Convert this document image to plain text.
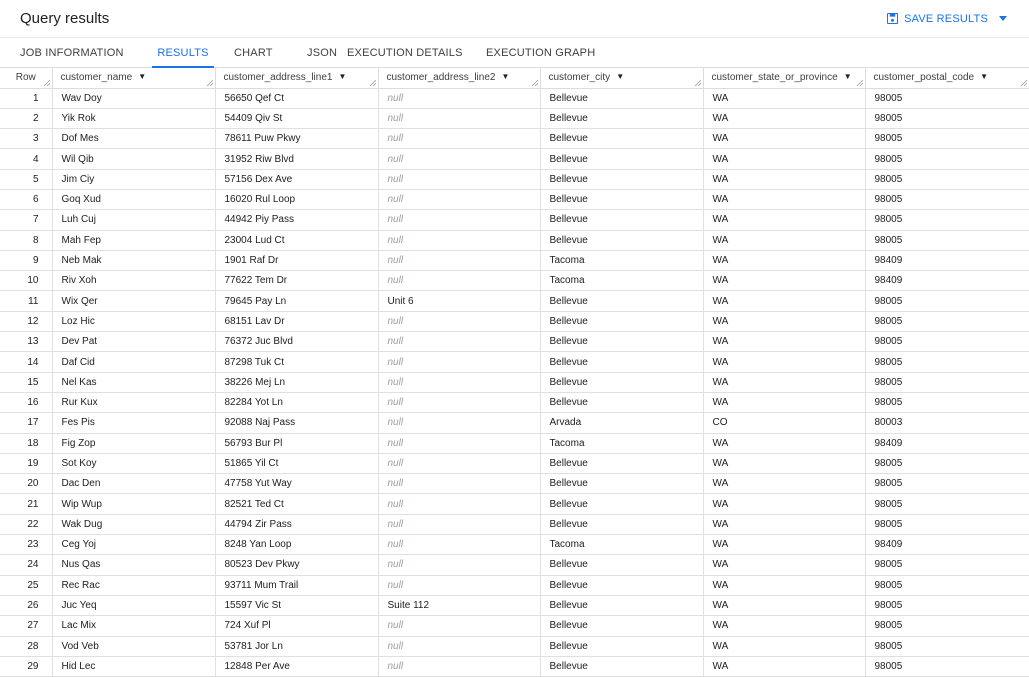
Query results	SAVE RESULTS
JOB INFORMATION	RESULTS	CHART	JSON EXECUTION DETAILS	EXECUTION GRAPH
Row	customer_name ▼	customer_address_line1 ▼	customer_address_line2 ▼	customer_city ▼	customer_state_or_province ▼	customer_postal_code ▼

1	Wav Doy	56650 Qef Ct	null	Bellevue	WA	98005
2	Yik Rok	54409 Qiv St	null	Bellevue	WA	98005
3	Dof Mes	78611 Puw Pkwy	null	Bellevue	WA	98005
4	Wil Qib	31952 Riw Blvd	null	Bellevue	WA	98005
5	Jim Ciy	57156 Dex Ave	null	Bellevue	WA	98005
6	Goq Xud	16020 Rul Loop	null	Bellevue	WA	98005
7	Luh Cuj	44942 Piy Pass	null	Bellevue	WA	98005
8	Mah Fep	23004 Lud Ct	null	Bellevue	WA	98005
9	Neb Mak	1901 Raf Dr	null	Tacoma	WA	98409
10	Riv Xoh	77622 Tem Dr	null	Tacoma	WA	98409
11	Wix Qer	79645 Pay Ln	Unit 6	Bellevue	WA	98005
12	Loz Hic	68151 Lav Dr	null	Bellevue	WA	98005
13	Dev Pat	76372 Juc Blvd	null	Bellevue	WA	98005
14	Daf Cid	87298 Tuk Ct	null	Bellevue	WA	98005
15	Nel Kas	38226 Mej Ln	null	Bellevue	WA	98005
16	Rur Kux	82284 Yot Ln	null	Bellevue	WA	98005
17	Fes Pis	92088 Naj Pass	null	Arvada	CO	80003
18	Fig Zop	56793 Bur Pl	null	Tacoma	WA	98409
19	Sot Koy	51865 Yil Ct	null	Bellevue	WA	98005
20	Dac Den	47758 Yut Way	null	Bellevue	WA	98005
21	Wip Wup	82521 Ted Ct	null	Bellevue	WA	98005
22	Wak Dug	44794 Zir Pass	null	Bellevue	WA	98005
23	Ceg Yoj	8248 Yan Loop	null	Tacoma	WA	98409
24	Nus Qas	80523 Dev Pkwy	null	Bellevue	WA	98005
25	Rec Rac	93711 Mum Trail	null	Bellevue	WA	98005
26	Juc Yeq	15597 Vic St	Suite 112	Bellevue	WA	98005
27	Lac Mix	724 Xuf Pl	null	Bellevue	WA	98005
28	Vod Veb	53781 Jor Ln	null	Bellevue	WA	98005
29	Hid Lec	12848 Per Ave	null	Bellevue	WA	98005
